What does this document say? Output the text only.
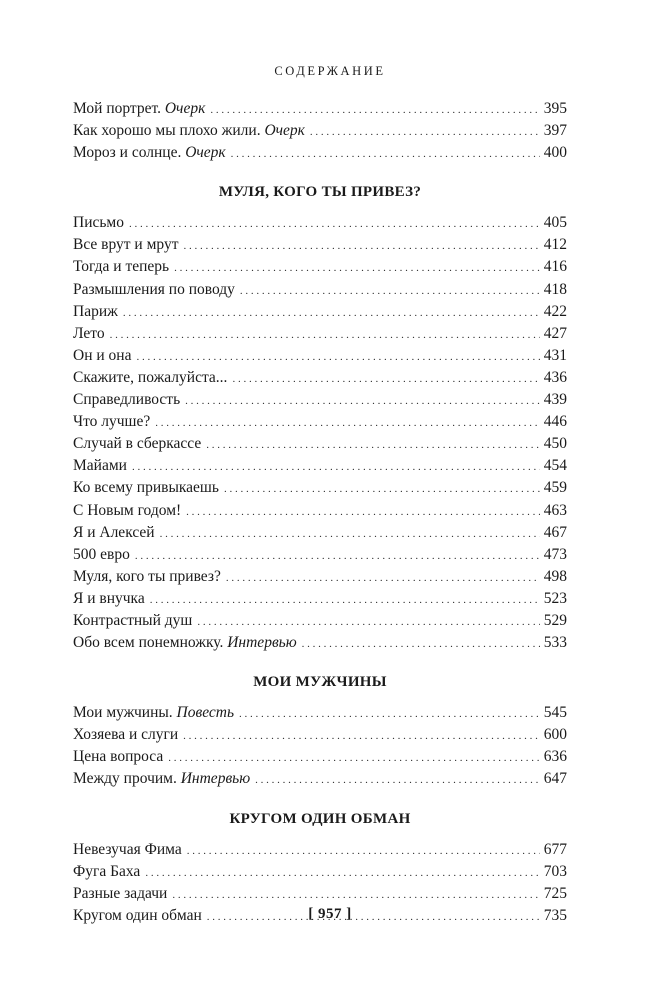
СОДЕРЖАНИЕ
Мой портрет. Очерк . . .	395
Как хорошо мы плохо жили. Очерк . . .	397
Мороз и солнце. Очерк . . .	400
МУЛЯ, КОГО ТЫ ПРИВЕЗ?
Письмо . . .	405
Все врут и мрут . . .	412
Тогда и теперь . . .	416
Размышления по поводу . . .	418
Париж . . .	422
Лето . . .	427
Он и она . . .	431
Скажите, пожалуйста... . . .	436
Справедливость . . .	439
Что лучше? . . .	446
Случай в сберкассе . . .	450
Майами . . .	454
Ко всему привыкаешь . . .	459
С Новым годом! . . .	463
Я и Алексей . . .	467
500 евро . . .	473
Муля, кого ты привез? . . .	498
Я и внучка . . .	523
Контрастный душ . . .	529
Обо всем понемножку. Интервью . . .	533
МОИ МУЖЧИНЫ
Мои мужчины. Повесть . . .	545
Хозяева и слуги . . .	600
Цена вопроса . . .	636
Между прочим. Интервью . . .	647
КРУГОМ ОДИН ОБМАН
Невезучая Фима . . .	677
Фуга Баха . . .	703
Разные задачи . . .	725
Кругом один обман . . .	735
[ 957 ]
